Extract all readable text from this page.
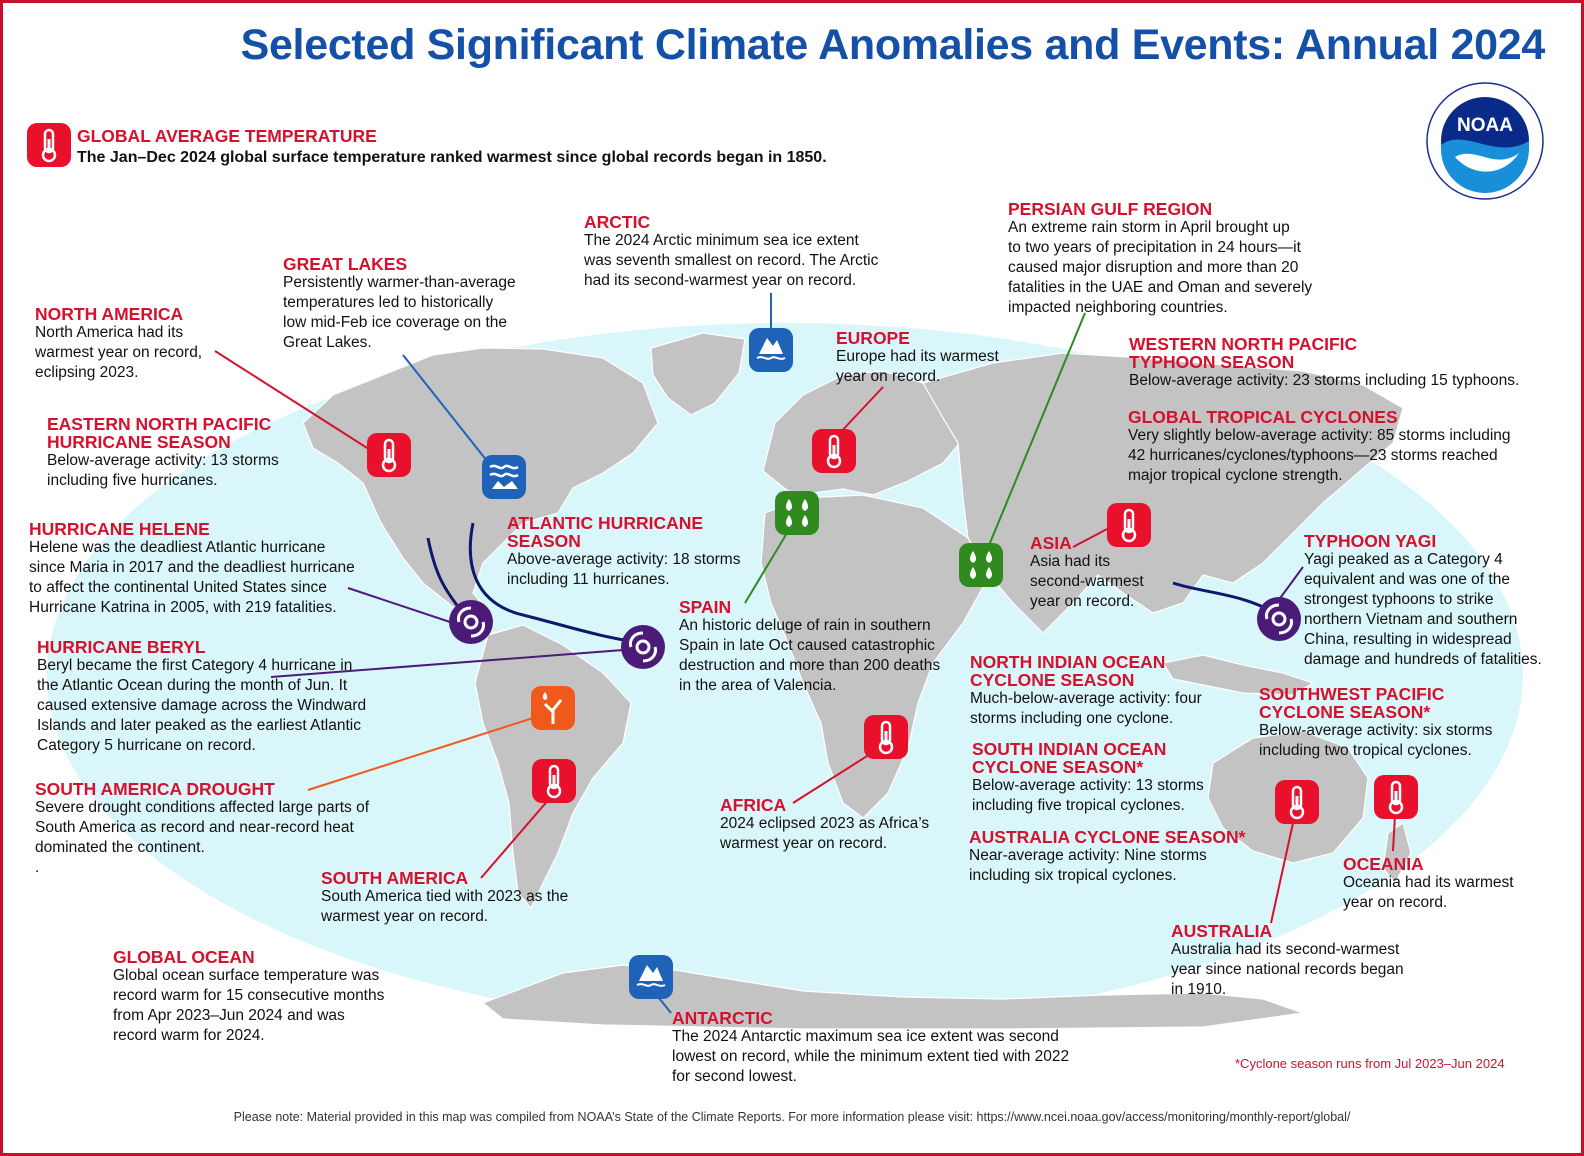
NOAA
Selected Significant Climate Anomalies and Events: Annual 2024
GLOBAL AVERAGE TEMPERATURE
The Jan–Dec 2024 global surface temperature ranked warmest since global records began in 1850.
NORTH AMERICA
North America had its
warmest year on record,
eclipsing 2023.
GREAT LAKES
Persistently warmer-than-average
temperatures led to historically
low mid-Feb ice coverage on the
Great Lakes.
ARCTIC
The 2024 Arctic minimum sea ice extent
was seventh smallest on record. The Arctic
had its second-warmest year on record.
PERSIAN GULF REGION
An extreme rain storm in April brought up
to two years of precipitation in 24 hours—it
caused major disruption and more than 20
fatalities in the UAE and Oman and severely
impacted neighboring countries.
EUROPE
Europe had its warmest
year on record.
WESTERN NORTH PACIFIC
TYPHOON SEASON
Below-average activity: 23 storms including 15 typhoons.
GLOBAL TROPICAL CYCLONES
Very slightly below-average activity: 85 storms including
42 hurricanes/cyclones/typhoons—23 storms reached
major tropical cyclone strength.
EASTERN NORTH PACIFIC
HURRICANE SEASON
Below-average activity: 13 storms
including five hurricanes.
HURRICANE HELENE
Helene was the deadliest Atlantic hurricane
since Maria in 2017 and the deadliest hurricane
to affect the continental United States since
Hurricane Katrina in 2005, with 219 fatalities.
ATLANTIC HURRICANE
SEASON
Above-average activity: 18 storms
including 11 hurricanes.
ASIA
Asia had its
second-warmest
year on record.
TYPHOON YAGI
Yagi peaked as a Category 4
equivalent and was one of the
strongest typhoons to strike
northern Vietnam and southern
China, resulting in widespread
damage and hundreds of fatalities.
SPAIN
An historic deluge of rain in southern
Spain in late Oct caused catastrophic
destruction and more than 200 deaths
in the area of Valencia.
HURRICANE BERYL
Beryl became the first Category 4 hurricane in
the Atlantic Ocean during the month of Jun. It
caused extensive damage across the Windward
Islands and later peaked as the earliest Atlantic
Category 5 hurricane on record.
NORTH INDIAN OCEAN
CYCLONE SEASON
Much-below-average activity: four
storms including one cyclone.
SOUTHWEST PACIFIC
CYCLONE SEASON*
Below-average activity: six storms
including two tropical cyclones.
SOUTH INDIAN OCEAN
CYCLONE SEASON*
Below-average activity: 13 storms
including five tropical cyclones.
SOUTH AMERICA DROUGHT
Severe drought conditions affected large parts of
South America as record and near-record heat
dominated the continent.
.
AFRICA
2024 eclipsed 2023 as Africa’s
warmest year on record.	AUSTRALIA CYCLONE SEASON*
Near-average activity: Nine storms
including six tropical cyclones.
OCEANIA
Oceania had its warmest
year on record.
SOUTH AMERICA
South America tied with 2023 as the
warmest year on record.
AUSTRALIA
Australia had its second-warmest
year since national records began
in 1910.
GLOBAL OCEAN
Global ocean surface temperature was
record warm for 15 consecutive months
from Apr 2023–Jun 2024 and was
record warm for 2024.
ANTARCTIC
The 2024 Antarctic maximum sea ice extent was second
lowest on record, while the minimum extent tied with 2022
for second lowest.
*Cyclone season runs from Jul 2023–Jun 2024
Please note: Material provided in this map was compiled from NOAA’s State of the Climate Reports. For more information please visit: https://www.ncei.noaa.gov/access/monitoring/monthly-report/global/
